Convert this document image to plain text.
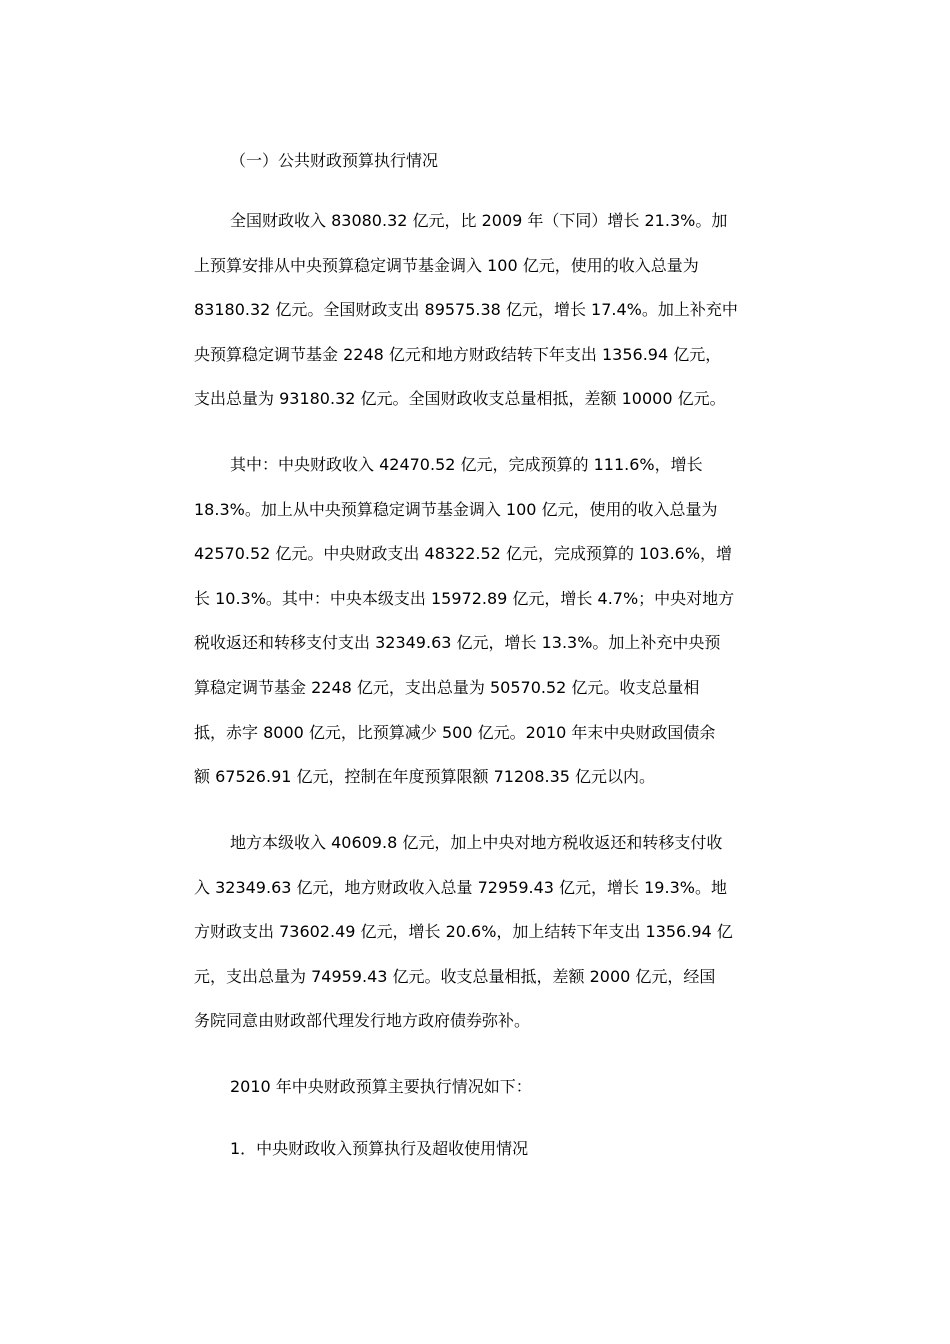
（一）公共财政预算执行情况
全国财政收入 83080.32 亿元，比 2009 年（下同）增长 21.3%。加
上预算安排从中央预算稳定调节基金调入 100 亿元，使用的收入总量为
83180.32 亿元。全国财政支出 89575.38 亿元，增长 17.4%。加上补充中
央预算稳定调节基金 2248 亿元和地方财政结转下年支出 1356.94 亿元，
支出总量为 93180.32 亿元。全国财政收支总量相抵，差额 10000 亿元。
其中：中央财政收入 42470.52 亿元，完成预算的 111.6%，增长
18.3%。加上从中央预算稳定调节基金调入 100 亿元，使用的收入总量为
42570.52 亿元。中央财政支出 48322.52 亿元，完成预算的 103.6%，增
长 10.3%。其中：中央本级支出 15972.89 亿元，增长 4.7%；中央对地方
税收返还和转移支付支出 32349.63 亿元，增长 13.3%。加上补充中央预
算稳定调节基金 2248 亿元，支出总量为 50570.52 亿元。收支总量相
抵，赤字 8000 亿元，比预算减少 500 亿元。2010 年末中央财政国债余
额 67526.91 亿元，控制在年度预算限额 71208.35 亿元以内。
地方本级收入 40609.8 亿元，加上中央对地方税收返还和转移支付收
入 32349.63 亿元，地方财政收入总量 72959.43 亿元，增长 19.3%。地
方财政支出 73602.49 亿元，增长 20.6%，加上结转下年支出 1356.94 亿
元，支出总量为 74959.43 亿元。收支总量相抵，差额 2000 亿元，经国
务院同意由财政部代理发行地方政府债券弥补。
2010 年中央财政预算主要执行情况如下：
1．中央财政收入预算执行及超收使用情况
